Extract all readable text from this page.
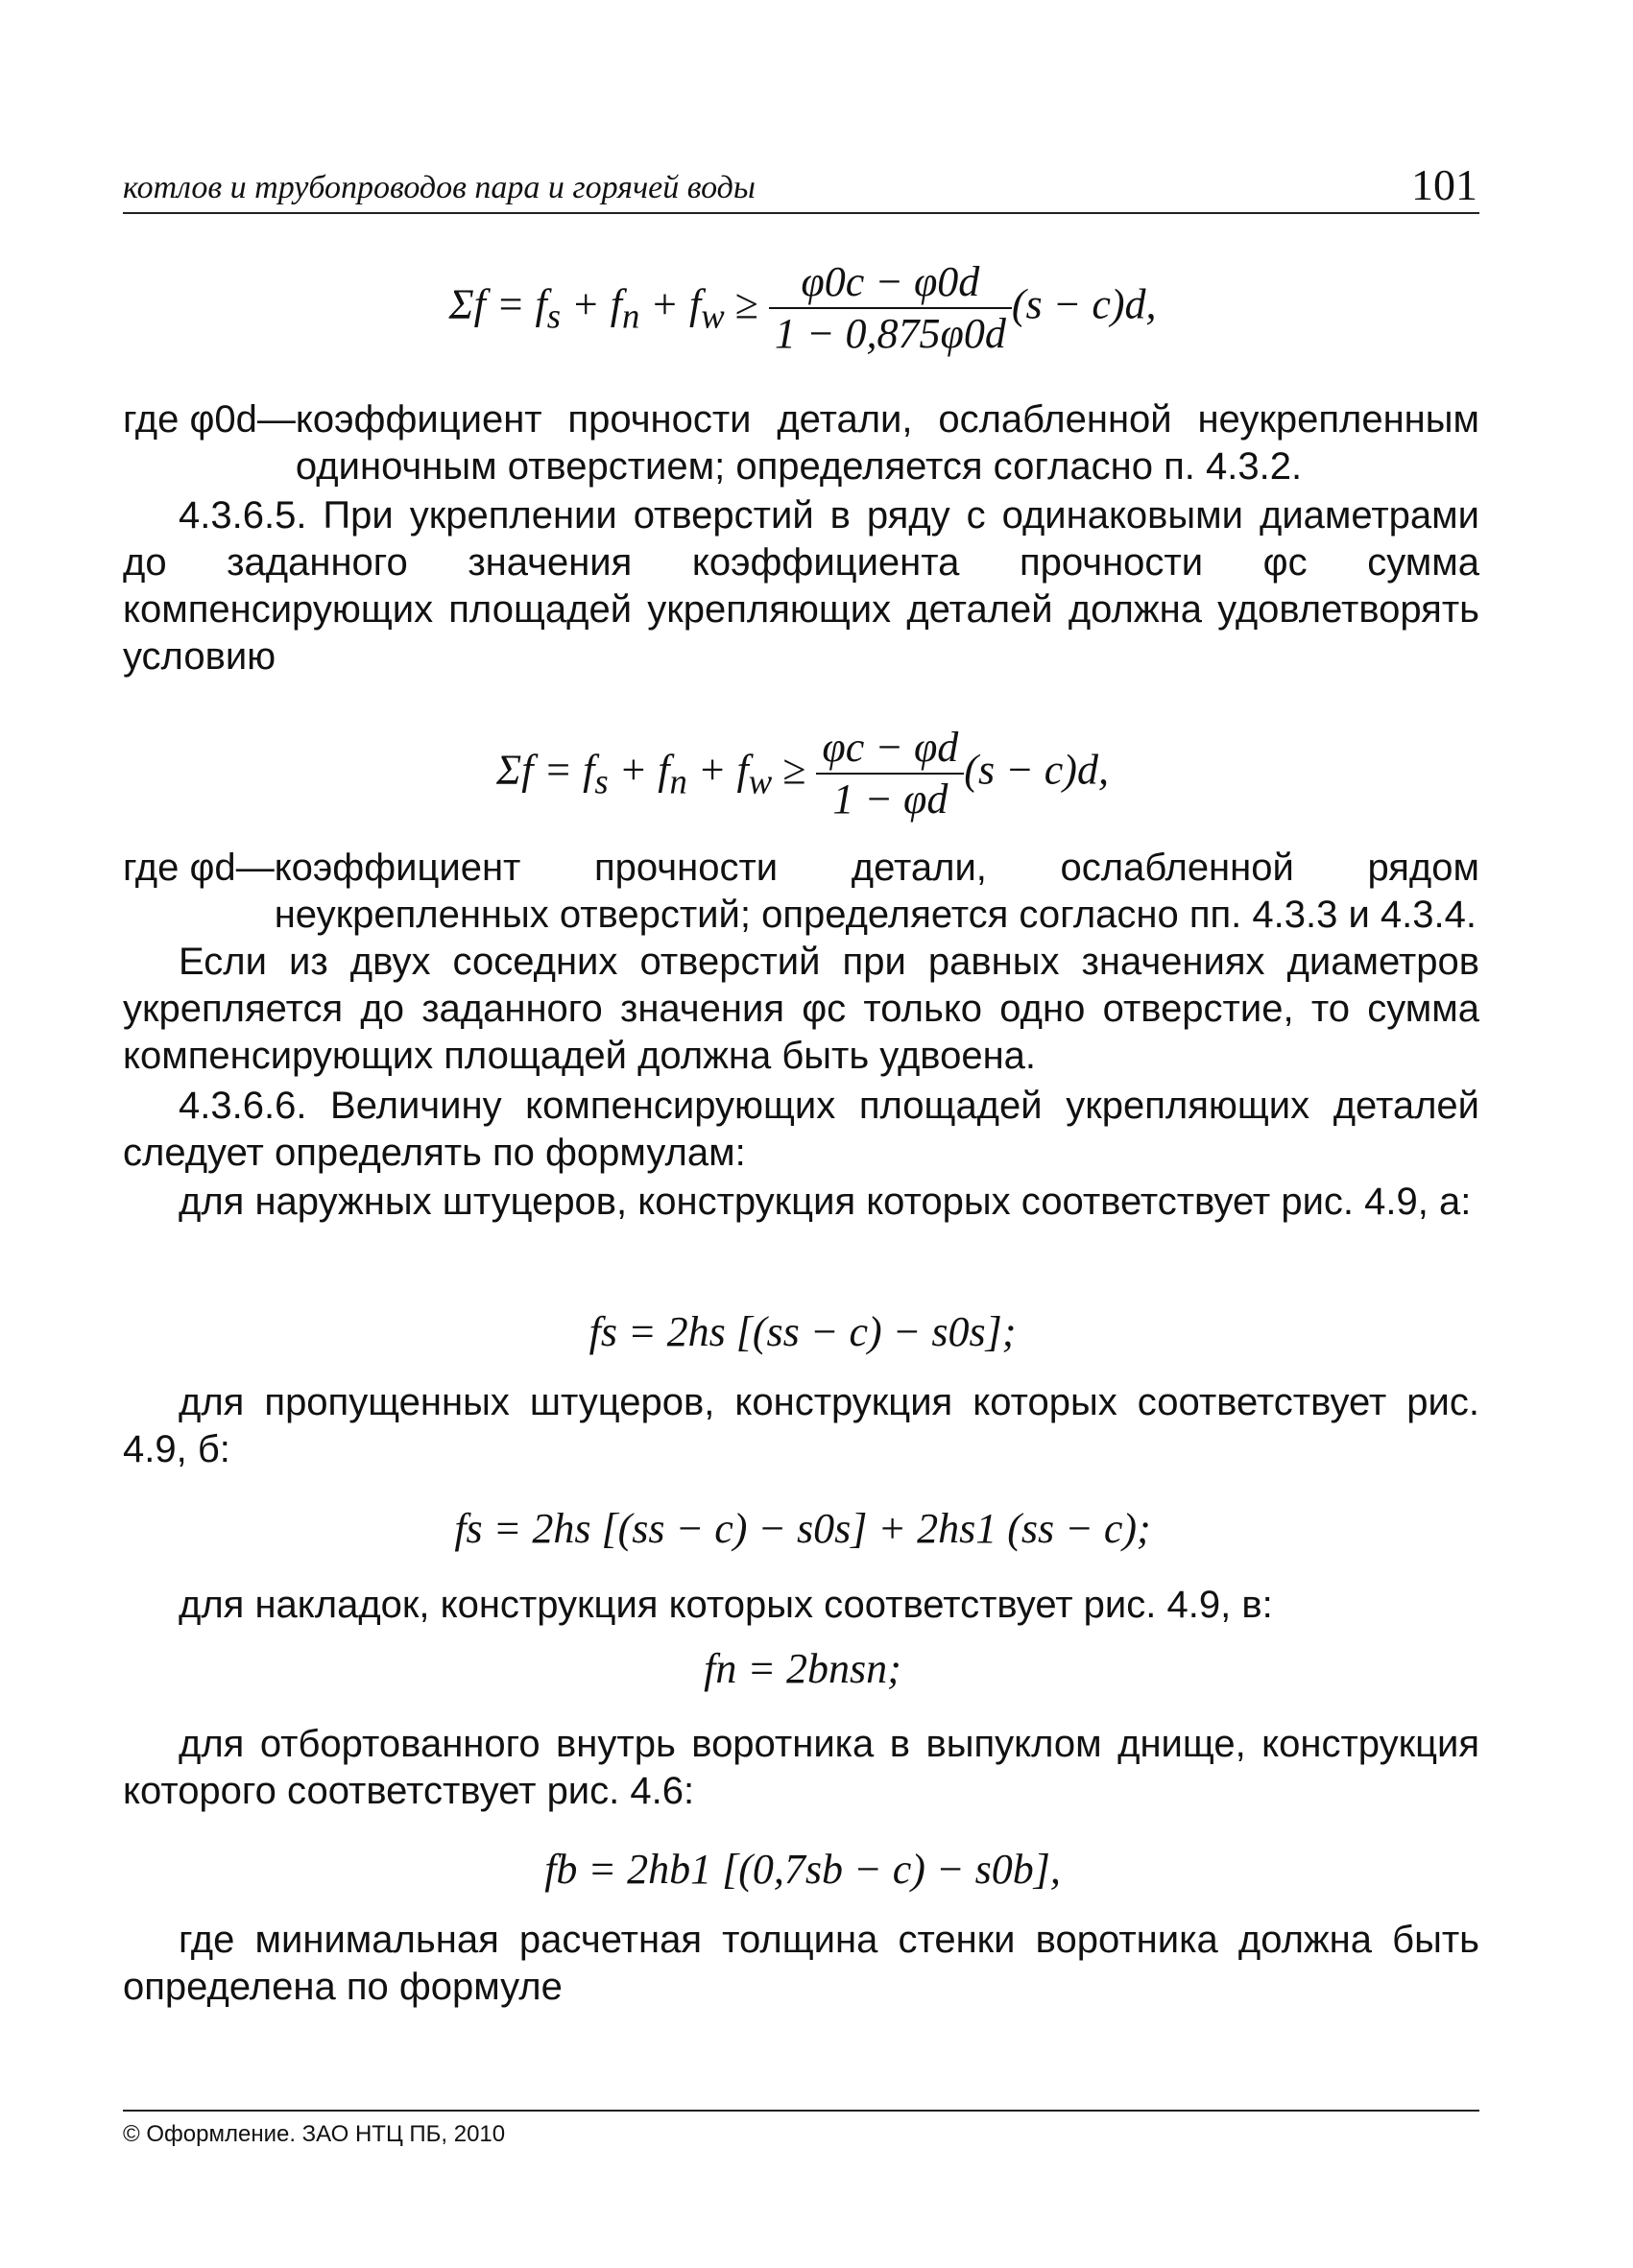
котлов и трубопроводов пара и горячей воды	101
$\Sigma f = f_s + f_n + f_w \ge \frac{\varphi 0c - \varphi 0d}{1 - 0,875\varphi 0d} (s - c)d$,
где φ0d — коэффициент прочности детали, ослабленной неукрепленным одиночным отверстием; определяется согласно п. 4.3.2.

4.3.6.5. При укреплении отверстий в ряду с одинаковыми диаметрами до заданного значения коэффициента прочности φc сумма компенсирующих площадей укрепляющих деталей должна удовлетворять условию

$\Sigma f = f_s + f_n + f_w \ge \frac{\varphi c - \varphi d}{1 - \varphi d} (s - c)d$,
где φd — коэффициент прочности детали, ослабленной рядом неукрепленных отверстий; определяется согласно пп. 4.3.3 и 4.3.4.

Если из двух соседних отверстий при равных значениях диаметров укрепляется до заданного значения φc только одно отверстие, то сумма компенсирующих площадей должна быть удвоена.

4.3.6.6. Величину компенсирующих площадей укрепляющих деталей следует определять по формулам:

для наружных штуцеров, конструкция которых соответствует рис. 4.9, а:

fs = 2hs [(ss − c) − s0s];

для пропущенных штуцеров, конструкция которых соответствует рис. 4.9, б:

fs = 2hs [(ss − c) − s0s] + 2hs1 (ss − c);

для накладок, конструкция которых соответствует рис. 4.9, в:

fn = 2bnsn;

для отбортованного внутрь воротника в выпуклом днище, конструкция которого соответствует рис. 4.6:

fb = 2hb1 [(0,7sb − c) − s0b],

где минимальная расчетная толщина стенки воротника должна быть определена по формуле

© Оформление. ЗАО НТЦ ПБ, 2010
